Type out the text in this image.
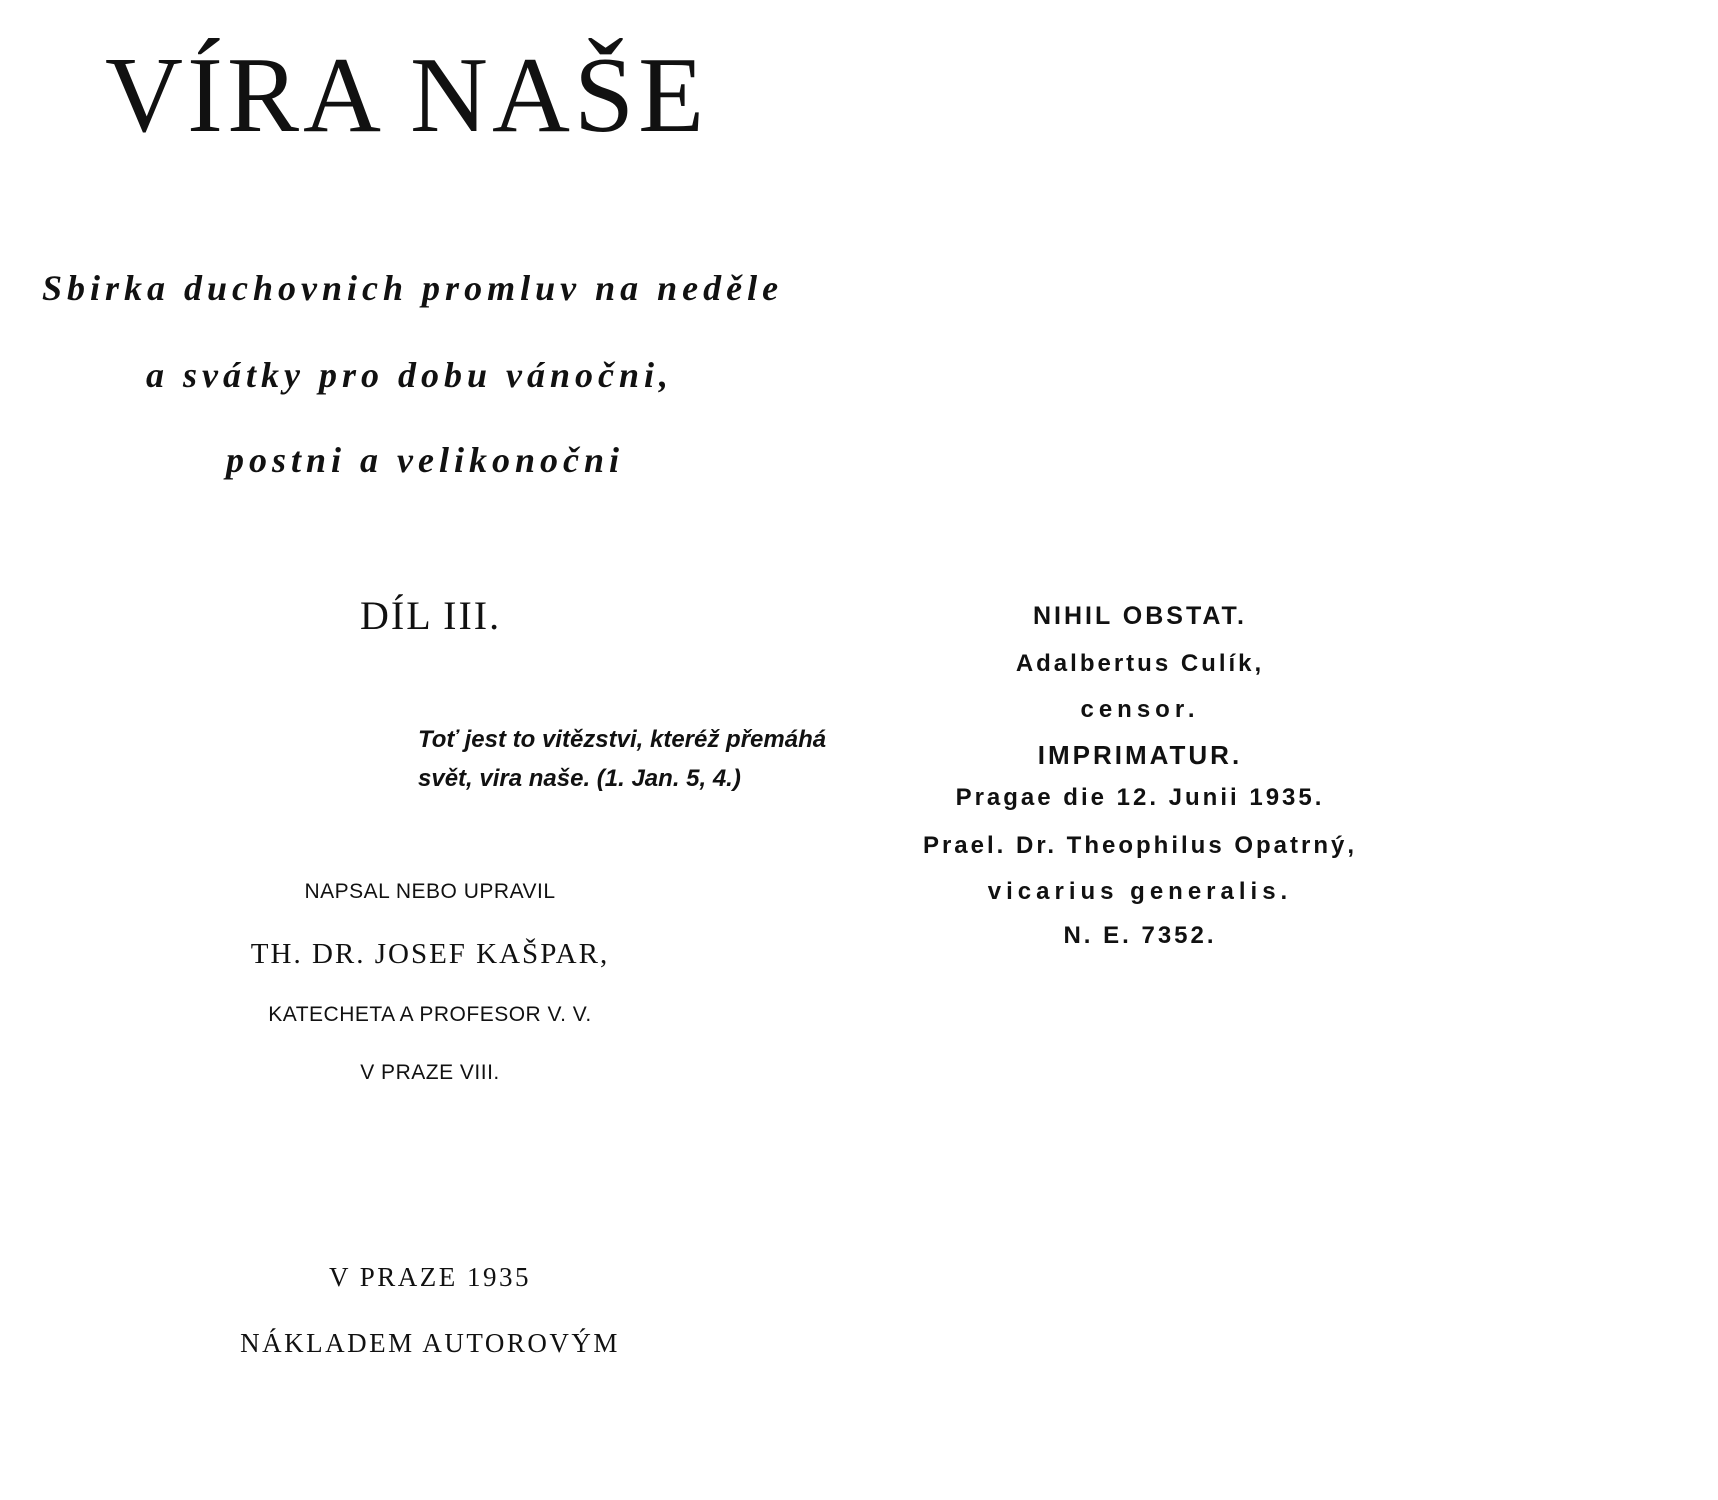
VÍRA NAŠE

Sbirka duchovnich promluv na neděle

a svátky pro dobu vánočni,

postni a velikonočni

DÍL III.

Toť jest to vitězstvi, kteréž přemáhá

svět, vira naše. (1. Jan. 5, 4.)

NAPSAL NEBO UPRAVIL

TH. DR. JOSEF KAŠPAR,

KATECHETA A PROFESOR V. V.

V PRAZE VIII.

V PRAZE 1935

NÁKLADEM AUTOROVÝM

NIHIL OBSTAT.

Adalbertus Culík,

censor.

IMPRIMATUR.

Pragae die 12. Junii 1935.

Prael. Dr. Theophilus Opatrný,

vicarius generalis.

N. E. 7352.
